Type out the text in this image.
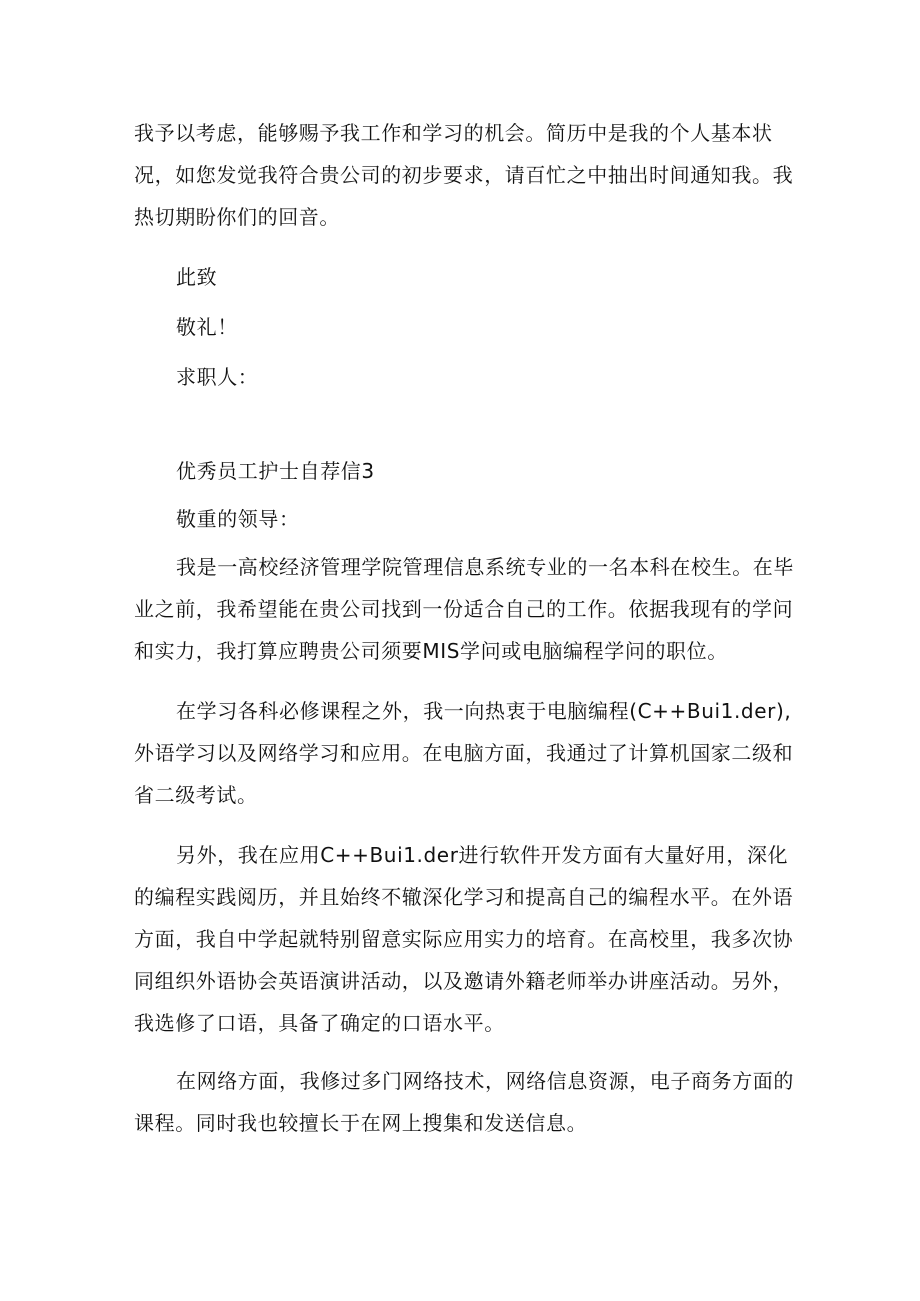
我予以考虑，能够赐予我工作和学习的机会。简历中是我的个人基本状况，如您发觉我符合贵公司的初步要求，请百忙之中抽出时间通知我。我热切期盼你们的回音。

此致

敬礼！

求职人：

优秀员工护士自荐信3

敬重的领导：

我是一高校经济管理学院管理信息系统专业的一名本科在校生。在毕业之前，我希望能在贵公司找到一份适合自己的工作。依据我现有的学问和实力，我打算应聘贵公司须要MIS学问或电脑编程学问的职位。

在学习各科必修课程之外，我一向热衷于电脑编程(C++Bui1.der),外语学习以及网络学习和应用。在电脑方面，我通过了计算机国家二级和省二级考试。

另外，我在应用C++Bui1.der进行软件开发方面有大量好用，深化的编程实践阅历，并且始终不辙深化学习和提高自己的编程水平。在外语方面，我自中学起就特别留意实际应用实力的培育。在高校里，我多次协同组织外语协会英语演讲活动，以及邀请外籍老师举办讲座活动。另外，我选修了口语，具备了确定的口语水平。

在网络方面，我修过多门网络技术，网络信息资源，电子商务方面的课程。同时我也较擅长于在网上搜集和发送信息。
